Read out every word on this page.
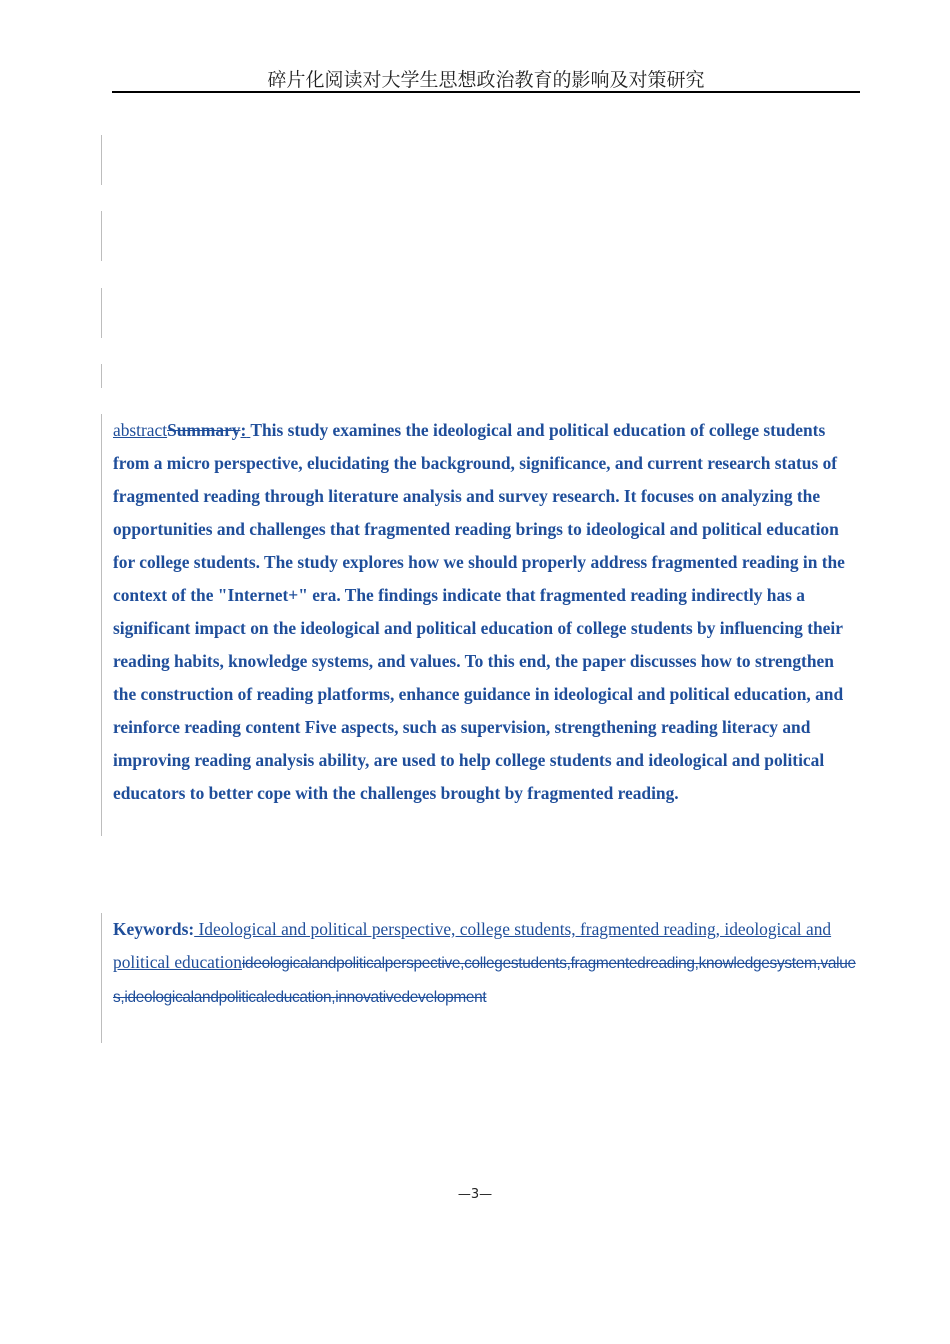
碎片化阅读对大学生思想政治教育的影响及对策研究
abstractSummary: This study examines the ideological and political education of college students from a micro perspective, elucidating the background, significance, and current research status of fragmented reading through literature analysis and survey research. It focuses on analyzing the opportunities and challenges that fragmented reading brings to ideological and political education for college students. The study explores how we should properly address fragmented reading in the context of the "Internet+" era. The findings indicate that fragmented reading indirectly has a significant impact on the ideological and political education of college students by influencing their reading habits, knowledge systems, and values. To this end, the paper discusses how to strengthen the construction of reading platforms, enhance guidance in ideological and political education, and reinforce reading content Five aspects, such as supervision, strengthening reading literacy and improving reading analysis ability, are used to help college students and ideological and political educators to better cope with the challenges brought by fragmented reading.
Keywords: Ideological and political perspective, college students, fragmented reading, ideological and political educationideologicalandpoliticalperspective,collegestudents,fragmentedreading,knowledgesystem,values,ideologicalandpoliticaleducation,innovativedevelopment
—3—
